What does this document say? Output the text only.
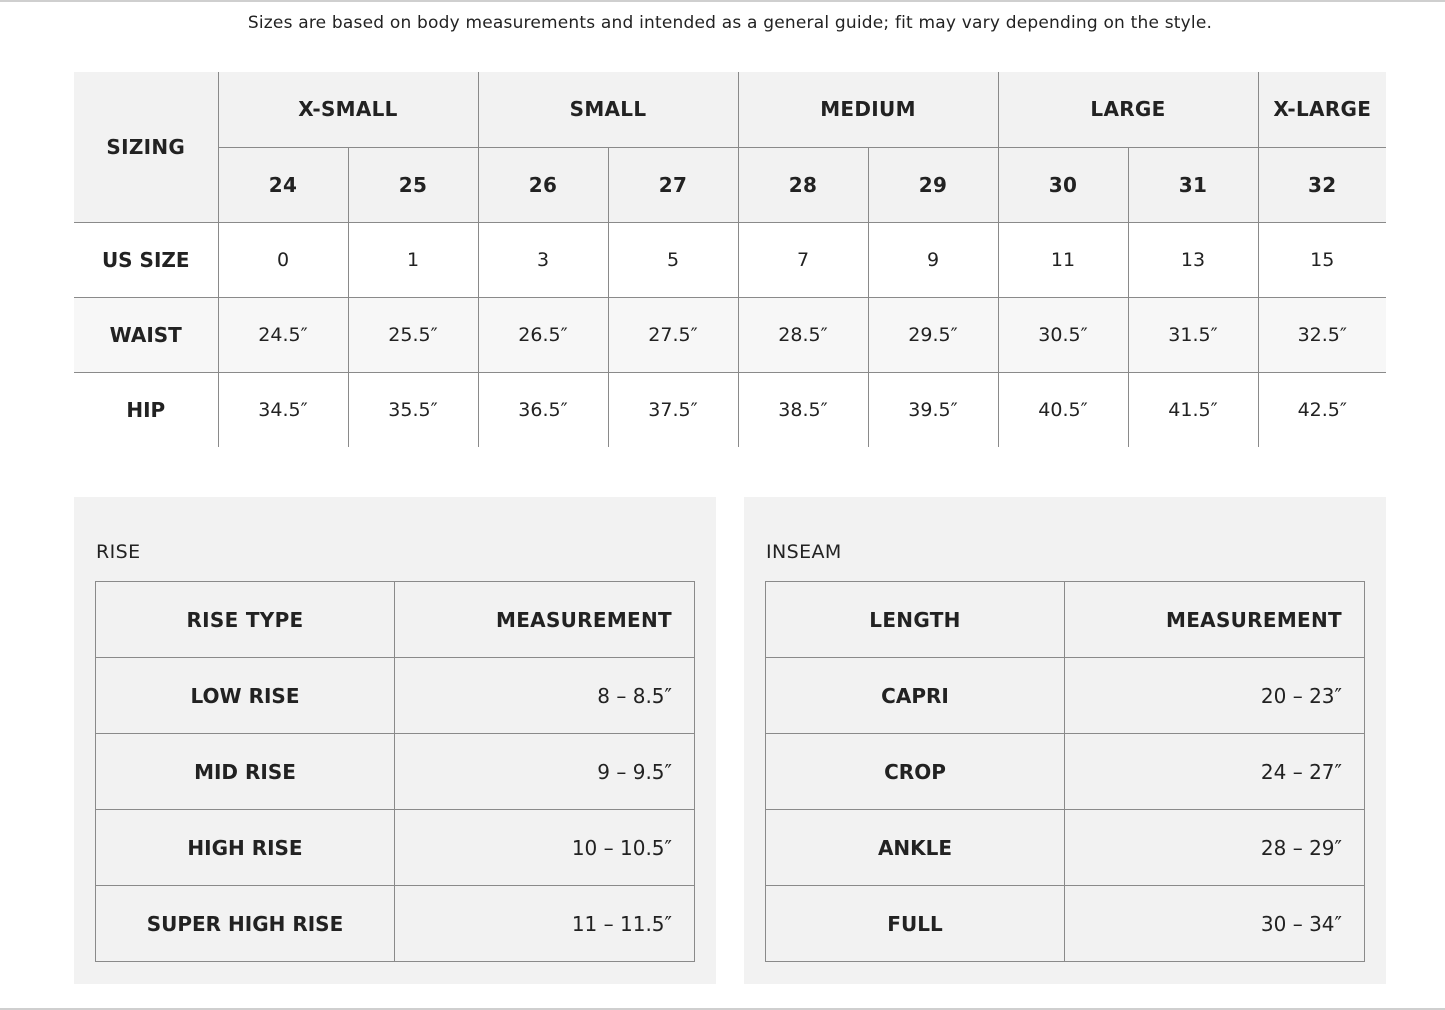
Sizes are based on body measurements and intended as a general guide; fit may vary depending on the style.
SIZING	X-SMALL		SMALL		MEDIUM		LARGE		X-LARGE
	24	25	26	27	28	29	30	31	32
US SIZE	0	1	3	5	7	9	11	13	15
WAIST	24.5″	25.5″	26.5″	27.5″	28.5″	29.5″	30.5″	31.5″	32.5″
HIP	34.5″	35.5″	36.5″	37.5″	38.5″	39.5″	40.5″	41.5″	42.5″
RISE
RISE TYPE	MEASUREMENT
LOW RISE	8 – 8.5″
MID RISE	9 – 9.5″
HIGH RISE	10 – 10.5″
SUPER HIGH RISE	11 – 11.5″
INSEAM
LENGTH	MEASUREMENT
CAPRI	20 – 23″
CROP	24 – 27″
ANKLE	28 – 29″
FULL	30 – 34″
